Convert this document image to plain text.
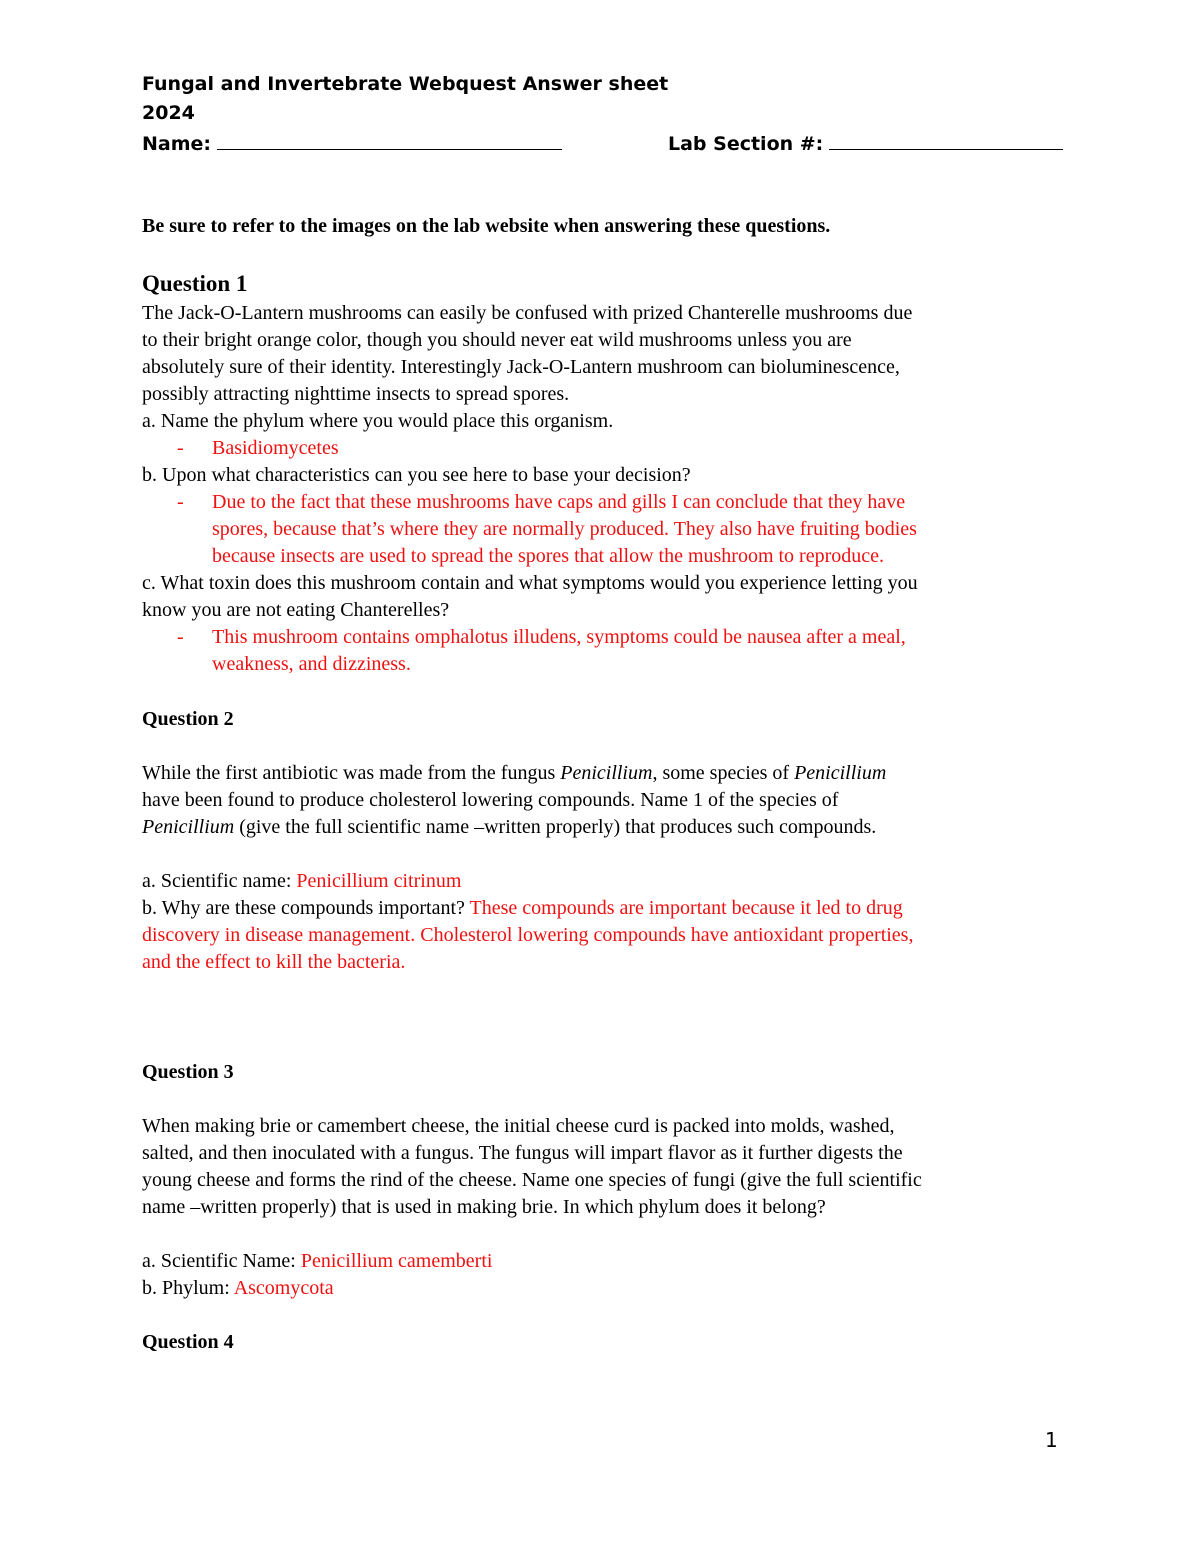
Fungal and Invertebrate Webquest Answer sheet
2024
Name:	Lab Section #:
Be sure to refer to the images on the lab website when answering these questions.
Question 1
The Jack-O-Lantern mushrooms can easily be confused with prized Chanterelle mushrooms due
to their bright orange color, though you should never eat wild mushrooms unless you are
absolutely sure of their identity. Interestingly Jack-O-Lantern mushroom can bioluminescence,
possibly attracting nighttime insects to spread spores.
a. Name the phylum where you would place this organism.
- Basidiomycetes
b. Upon what characteristics can you see here to base your decision?
- Due to the fact that these mushrooms have caps and gills I can conclude that they have
spores, because that’s where they are normally produced. They also have fruiting bodies
because insects are used to spread the spores that allow the mushroom to reproduce.
c. What toxin does this mushroom contain and what symptoms would you experience letting you
know you are not eating Chanterelles?
- This mushroom contains omphalotus illudens, symptoms could be nausea after a meal,
weakness, and dizziness.
Question 2
While the first antibiotic was made from the fungus Penicillium, some species of Penicillium
have been found to produce cholesterol lowering compounds. Name 1 of the species of
Penicillium (give the full scientific name –written properly) that produces such compounds.
a. Scientific name: Penicillium citrinum
b. Why are these compounds important? These compounds are important because it led to drug
discovery in disease management. Cholesterol lowering compounds have antioxidant properties,
and the effect to kill the bacteria.
Question 3
When making brie or camembert cheese, the initial cheese curd is packed into molds, washed,
salted, and then inoculated with a fungus. The fungus will impart flavor as it further digests the
young cheese and forms the rind of the cheese. Name one species of fungi (give the full scientific
name –written properly) that is used in making brie. In which phylum does it belong?
a. Scientific Name: Penicillium camemberti
b. Phylum: Ascomycota
Question 4
1
